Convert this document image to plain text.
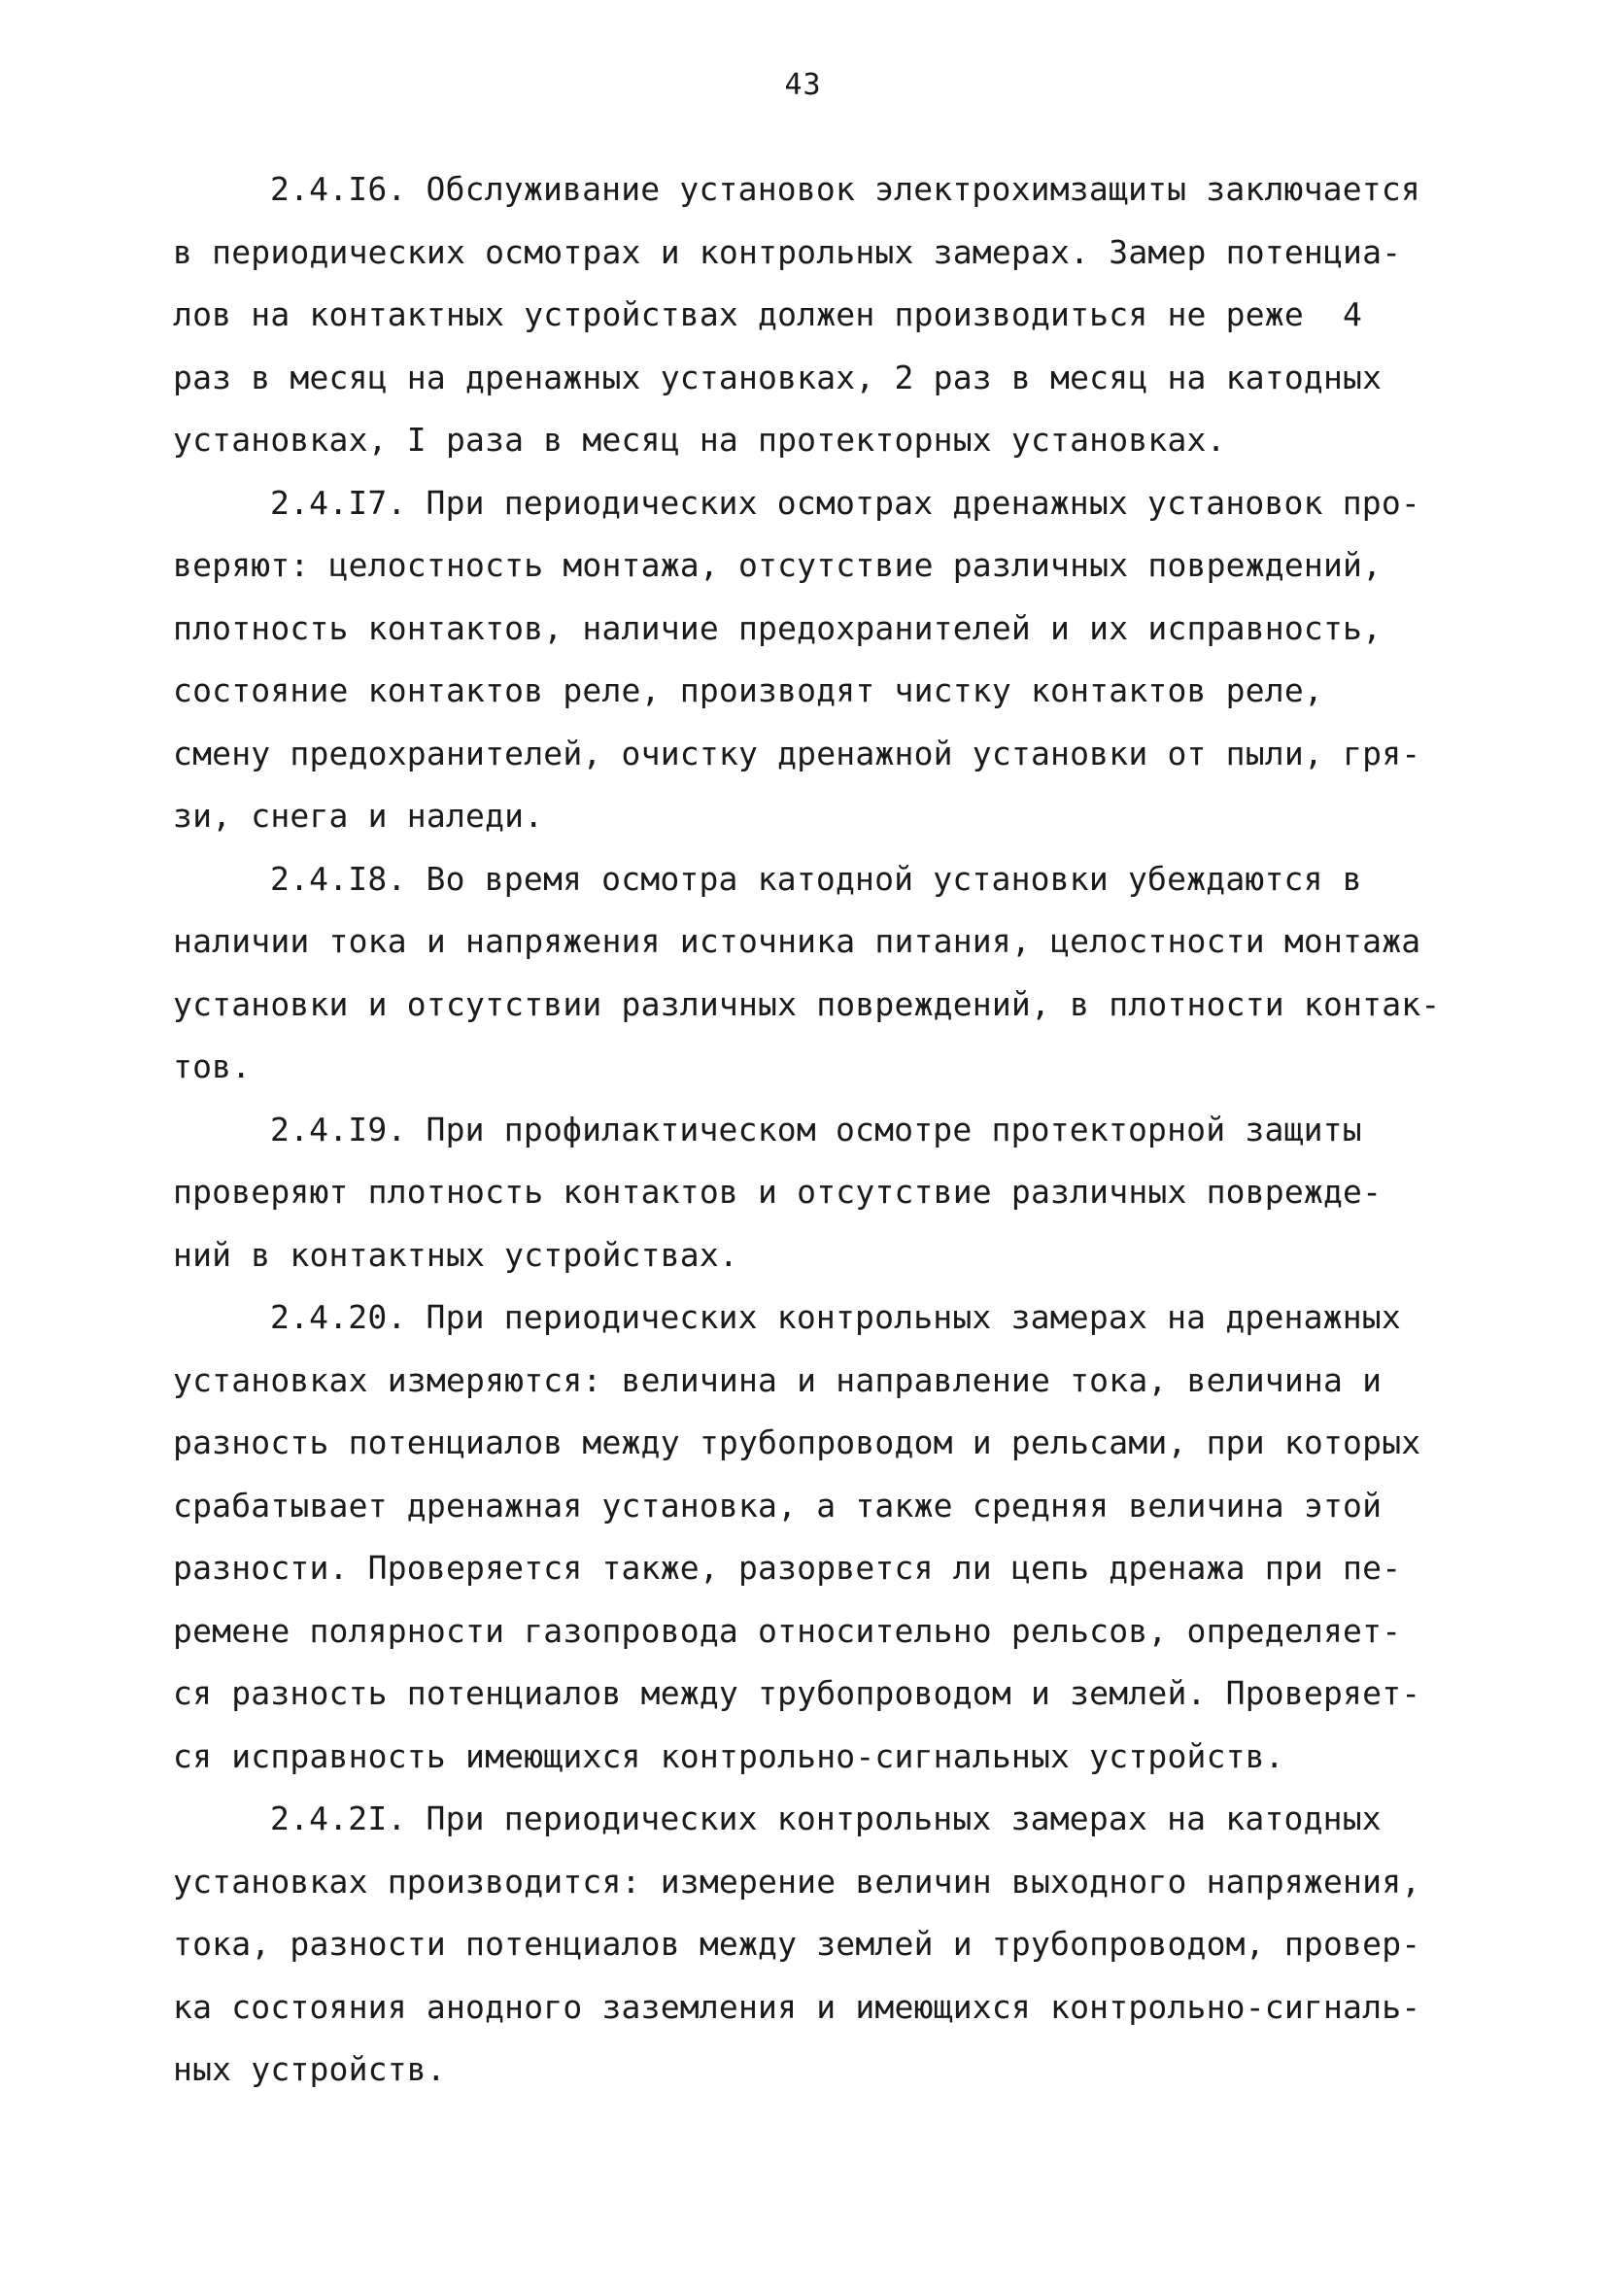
43
2.4.I6. Обслуживание установок электрохимзащиты заключается
в периодических осмотрах и контрольных замерах. Замер потенциа-
лов на контактных устройствах должен производиться не реже  4
раз в месяц на дренажных установках, 2 раз в месяц на катодных
установках, I раза в месяц на протекторных установках.
2.4.I7. При периодических осмотрах дренажных установок про-
веряют: целостность монтажа, отсутствие различных повреждений,
плотность контактов, наличие предохранителей и их исправность,
состояние контактов реле, производят чистку контактов реле,
смену предохранителей, очистку дренажной установки от пыли, гря-
зи, снега и наледи.
2.4.I8. Во время осмотра катодной установки убеждаются в
наличии тока и напряжения источника питания, целостности монтажа
установки и отсутствии различных повреждений, в плотности контак-
тов.
2.4.I9. При профилактическом осмотре протекторной защиты
проверяют плотность контактов и отсутствие различных поврежде-
ний в контактных устройствах.
2.4.20. При периодических контрольных замерах на дренажных
установках измеряются: величина и направление тока, величина и
разность потенциалов между трубопроводом и рельсами, при которых
срабатывает дренажная установка, а также средняя величина этой
разности. Проверяется также, разорвется ли цепь дренажа при пе-
ремене полярности газопровода относительно рельсов, определяет-
ся разность потенциалов между трубопроводом и землей. Проверяет-
ся исправность имеющихся контрольно-сигнальных устройств.
2.4.2I. При периодических контрольных замерах на катодных
установках производится: измерение величин выходного напряжения,
тока, разности потенциалов между землей и трубопроводом, провер-
ка состояния анодного заземления и имеющихся контрольно-сигналь-
ных устройств.
